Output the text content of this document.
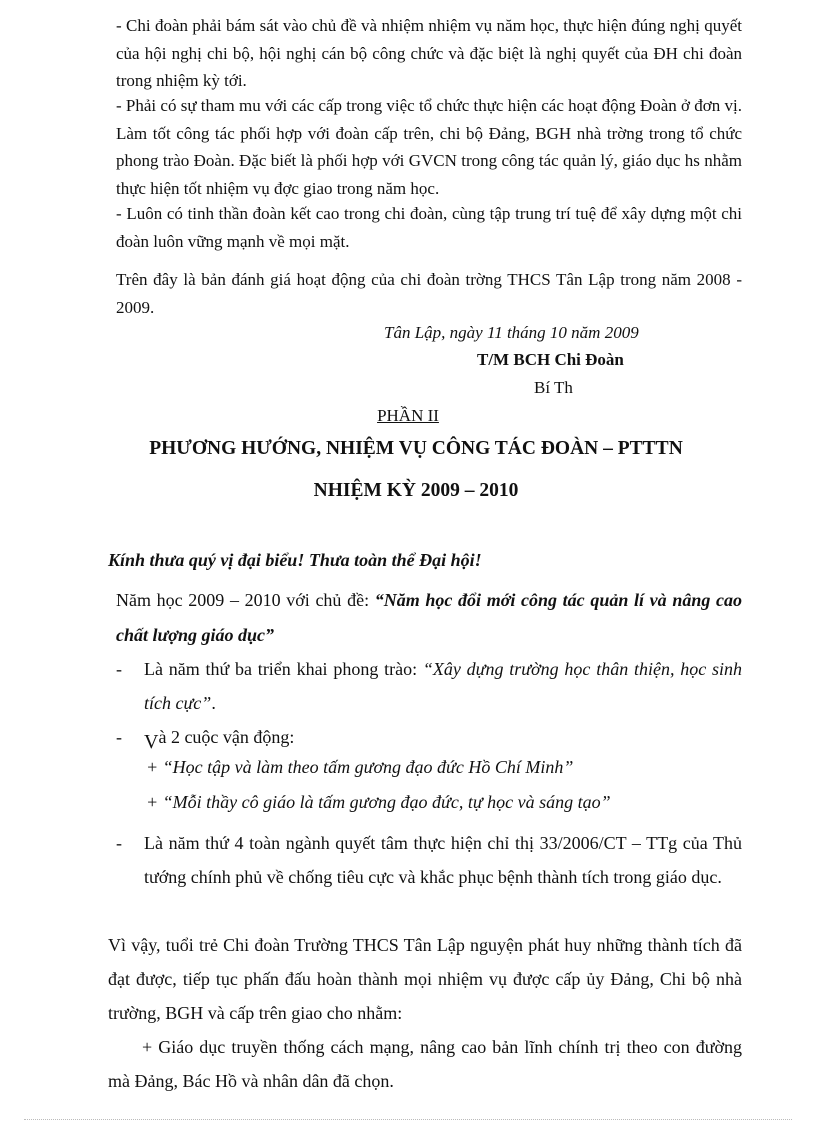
- Chi đoàn phải bám sát vào chủ đề và nhiệm nhiệm vụ năm học, thực hiện đúng nghị quyết của hội nghị chi bộ, hội nghị cán bộ công chức và đặc biệt là nghị quyết của ĐH chi đoàn trong nhiệm kỳ tới.

- Phải có sự tham mu với các cấp trong việc tổ chức thực hiện các hoạt động Đoàn ở đơn vị. Làm tốt công tác phối hợp với đoàn cấp trên, chi bộ Đảng, BGH nhà trờng trong tổ chức phong trào Đoàn. Đặc biết là phối hợp với GVCN trong công tác quản lý, giáo dục hs nhằm thực hiện tốt nhiệm vụ đợc giao trong năm học.

- Luôn có tinh thần đoàn kết cao trong chi đoàn, cùng tập trung trí tuệ để xây dựng một chi đoàn luôn vững mạnh về mọi mặt.

Trên đây là bản đánh giá hoạt động của chi đoàn trờng THCS Tân Lập trong năm 2008 - 2009.

Tân Lập, ngày 11 tháng 10 năm 2009
T/M BCH Chi Đoàn
Bí Th
PHẦN II
PHƯƠNG HƯỚNG, NHIỆM VỤ CÔNG TÁC ĐOÀN – PTTTN
NHIỆM KỲ 2009 – 2010

Kính thưa quý vị đại biểu! Thưa toàn thể Đại hội!

Năm học 2009 – 2010 với chủ đề: “Năm học đổi mới công tác quản lí và nâng cao chất lượng giáo dục”

- Là năm thứ ba triển khai phong trào: “Xây dựng trường học thân thiện, học sinh tích cực”.
- Và 2 cuộc vận động:
+ “Học tập và làm theo tấm gương đạo đức Hồ Chí Minh”
+ “Mỗi thầy cô giáo là tấm gương đạo đức, tự học và sáng tạo”
- Là năm thứ 4 toàn ngành quyết tâm thực hiện chỉ thị 33/2006/CT – TTg của Thủ tướng chính phủ về chống tiêu cực và khắc phục bệnh thành tích trong giáo dục.

Vì vậy, tuổi trẻ Chi đoàn Trường THCS Tân Lập nguyện phát huy những thành tích đã đạt được, tiếp tục phấn đấu hoàn thành mọi nhiệm vụ được cấp ủy Đảng, Chi bộ nhà trường, BGH và cấp trên giao cho nhằm:

+ Giáo dục truyền thống cách mạng, nâng cao bản lĩnh chính trị theo con đường mà Đảng, Bác Hồ và nhân dân đã chọn.
